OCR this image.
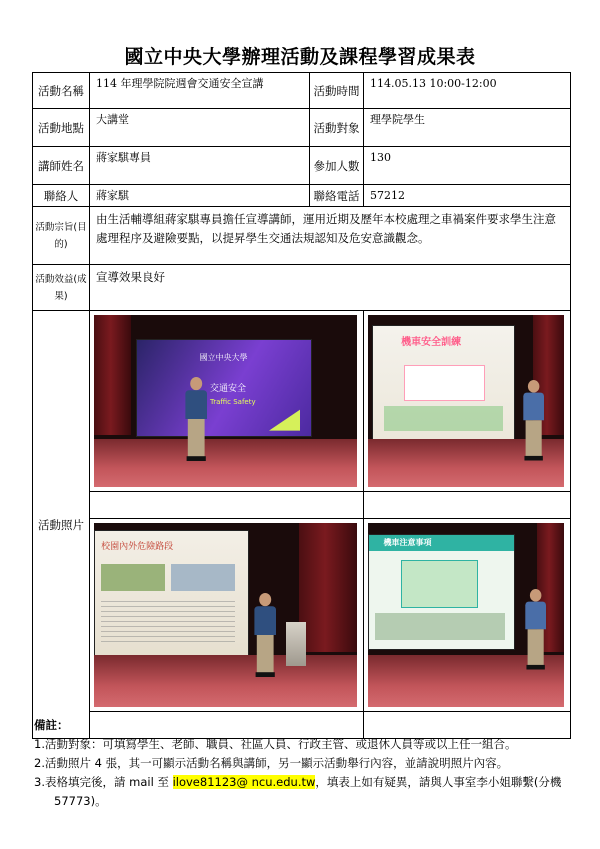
國立中央大學辦理活動及課程學習成果表
活動名稱	114 年理學院院週會交通安全宣講	活動時間	114.05.13 10:00-12:00
活動地點	大講堂	活動對象	理學院學生
講師姓名	蔣家騏專員	參加人數	130
聯絡人	蔣家騏	聯絡電話	57212
活動宗旨(目的)	由生活輔導組蔣家騏專員擔任宣導講師，運用近期及歷年本校處理之車禍案件要求學生注意處理程序及避險要點，以提昇學生交通法規認知及危安意識觀念。		
活動效益(成果)	宣導效果良好		
活動照片	國立中央大學
交通安全
Traffic Safety		機車安全訓練

	校園內外危險路段		機車注意事項

備註：
1.活動對象：可填寫學生、老師、職員、社區人員、行政主管、或退休人員等或以上任一組合。
2.活動照片 4 張，其一可顯示活動名稱與講師，另一顯示活動舉行內容，並請說明照片內容。
3.表格填完後，請 mail 至 ilove81123@ ncu.edu.tw，填表上如有疑異，請與人事室李小姐聯繫(分機
57773)。
